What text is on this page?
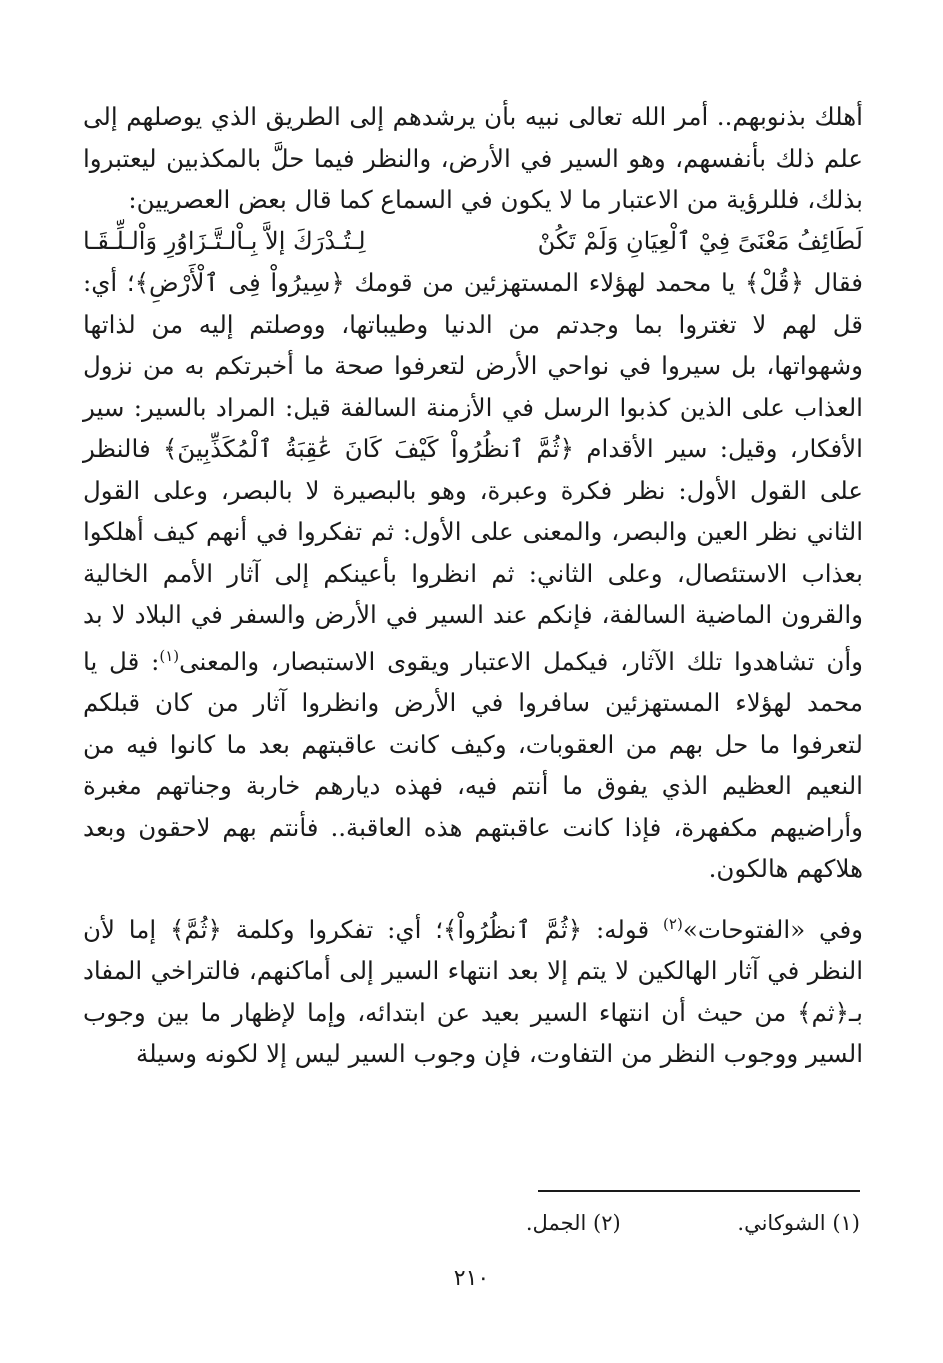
أهلك بذنوبهم.. أمر الله تعالى نبيه بأن يرشدهم إلى الطريق الذي يوصلهم إلى علم ذلك بأنفسهم، وهو السير في الأرض، والنظر فيما حلَّ بالمكذبين ليعتبروا بذلك، فللرؤية من الاعتبار ما لا يكون في السماع كما قال بعض العصريين:

لَطَائِفُ مَعْنَىً فِيْ ٱلْعِيَانِ وَلَمْ تَكُنْ
لِـتُـدْرَكَ إلاَّ بِـاْلـتَّـزَاوُرِ وَاْلـلِّـقَـا

فقال ﴿قُلْ﴾ يا محمد لهؤلاء المستهزئين من قومك ﴿سِيرُواْ فِى ٱلْأَرْضِ﴾؛ أي: قل لهم لا تغتروا بما وجدتم من الدنيا وطيباتها، ووصلتم إليه من لذاتها وشهواتها، بل سيروا في نواحي الأرض لتعرفوا صحة ما أخبرتكم به من نزول العذاب على الذين كذبوا الرسل في الأزمنة السالفة قيل: المراد بالسير: سير الأفكار، وقيل: سير الأقدام ﴿ثُمَّ ٱنظُرُواْ كَيْفَ كَانَ عَٰقِبَةُ ٱلْمُكَذِّبِينَ﴾ فالنظر على القول الأول: نظر فكرة وعبرة، وهو بالبصيرة لا بالبصر، وعلى القول الثاني نظر العين والبصر، والمعنى على الأول: ثم تفكروا في أنهم كيف أهلكوا بعذاب الاستئصال، وعلى الثاني: ثم انظروا بأعينكم إلى آثار الأمم الخالية والقرون الماضية السالفة، فإنكم عند السير في الأرض والسفر في البلاد لا بد وأن تشاهدوا تلك الآثار، فيكمل الاعتبار ويقوى الاستبصار، والمعنى$^{(١)}$: قل يا محمد لهؤلاء المستهزئين سافروا في الأرض وانظروا آثار من كان قبلكم لتعرفوا ما حل بهم من العقوبات، وكيف كانت عاقبتهم بعد ما كانوا فيه من النعيم العظيم الذي يفوق ما أنتم فيه، فهذه ديارهم خاربة وجناتهم مغبرة وأراضيهم مكفهرة، فإذا كانت عاقبتهم هذه العاقبة.. فأنتم بهم لاحقون وبعد هلاكهم هالكون.

وفي «الفتوحات»$^{(٢)}$ قوله: ﴿ثُمَّ ٱنظُرُواْ﴾؛ أي: تفكروا وكلمة ﴿ثُمَّ﴾ إما لأن النظر في آثار الهالكين لا يتم إلا بعد انتهاء السير إلى أماكنهم، فالتراخي المفاد بـ﴿ثم﴾ من حيث أن انتهاء السير بعيد عن ابتدائه، وإما لإظهار ما بين وجوب السير ووجوب النظر من التفاوت، فإن وجوب السير ليس إلا لكونه وسيلة

(١) الشوكاني. (٢) الجمل.
٢١٠
